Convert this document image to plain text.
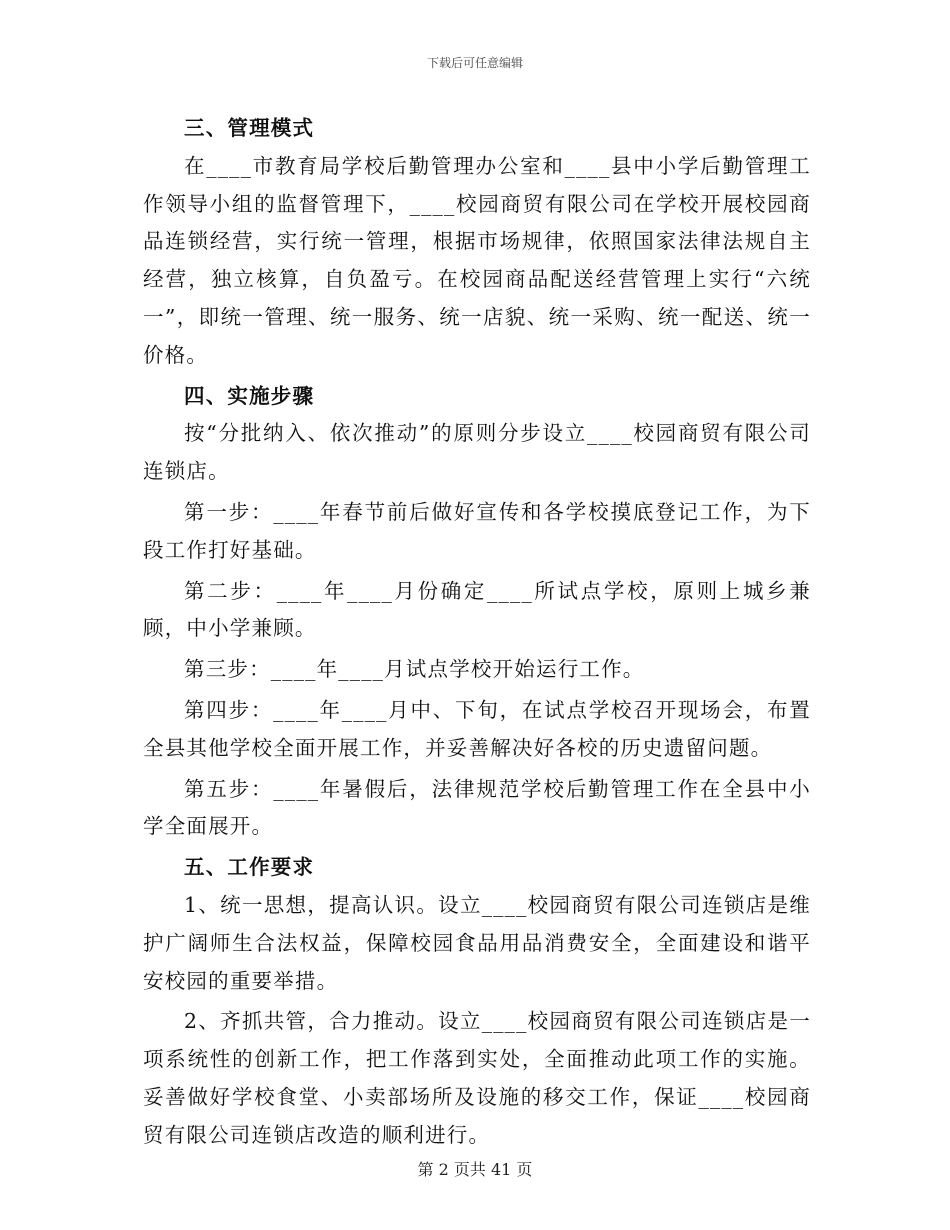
下载后可任意编辑
三、管理模式

在____市教育局学校后勤管理办公室和____县中小学后勤管理工作领导小组的监督管理下，____校园商贸有限公司在学校开展校园商品连锁经营，实行统一管理，根据市场规律，依照国家法律法规自主经营，独立核算，自负盈亏。在校园商品配送经营管理上实行“六统一”，即统一管理、统一服务、统一店貌、统一采购、统一配送、统一价格。

四、实施步骤

按“分批纳入、依次推动”的原则分步设立____校园商贸有限公司连锁店。

第一步：____年春节前后做好宣传和各学校摸底登记工作，为下段工作打好基础。

第二步：____年____月份确定____所试点学校，原则上城乡兼顾，中小学兼顾。

第三步：____年____月试点学校开始运行工作。

第四步：____年____月中、下旬，在试点学校召开现场会，布置全县其他学校全面开展工作，并妥善解决好各校的历史遗留问题。

第五步：____年暑假后，法律规范学校后勤管理工作在全县中小学全面展开。

五、工作要求

1、统一思想，提高认识。设立____校园商贸有限公司连锁店是维护广阔师生合法权益，保障校园食品用品消费安全，全面建设和谐平安校园的重要举措。

2、齐抓共管，合力推动。设立____校园商贸有限公司连锁店是一项系统性的创新工作，把工作落到实处，全面推动此项工作的实施。妥善做好学校食堂、小卖部场所及设施的移交工作，保证____校园商贸有限公司连锁店改造的顺利进行。

第 2 页共 41 页
